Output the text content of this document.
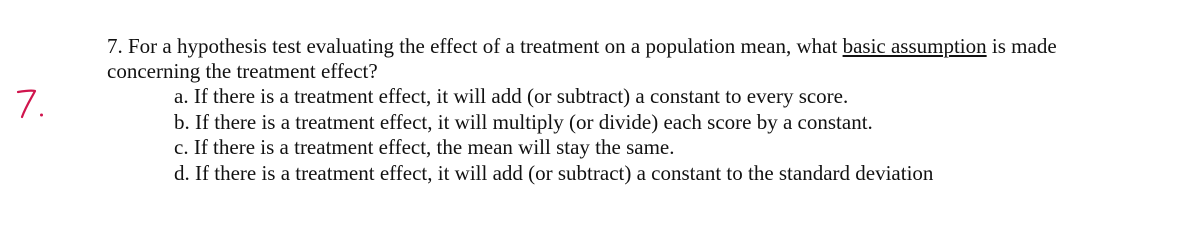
7. For a hypothesis test evaluating the effect of a treatment on a population mean, what basic assumption is made
concerning the treatment effect?
a. If there is a treatment effect, it will add (or subtract) a constant to every score.
b. If there is a treatment effect, it will multiply (or divide) each score by a constant.
c. If there is a treatment effect, the mean will stay the same.
d. If there is a treatment effect, it will add (or subtract) a constant to the standard deviation
